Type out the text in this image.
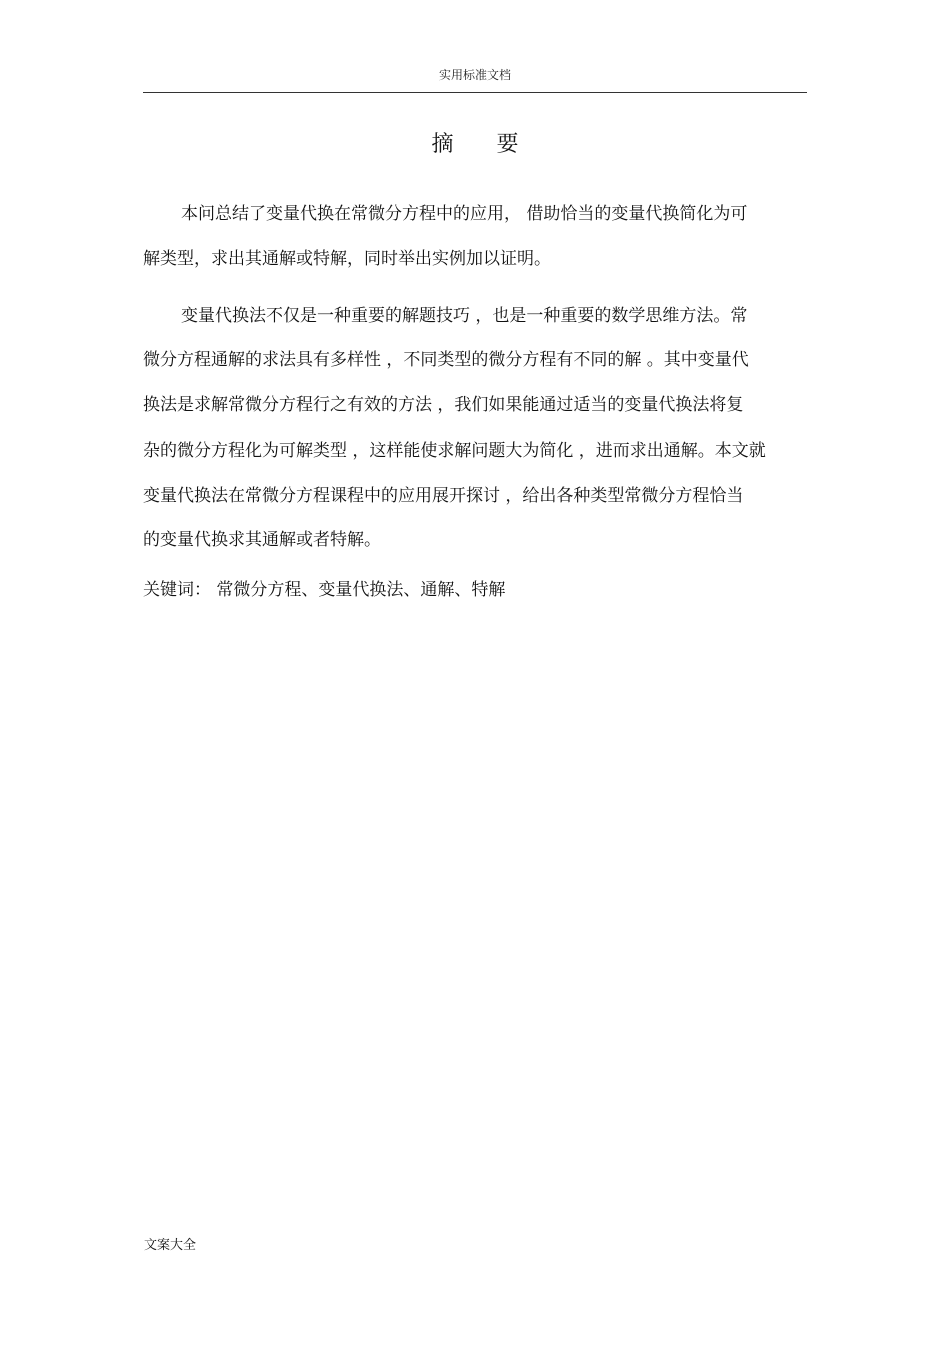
实用标准文档
摘 要
本问总结了变量代换在常微分方程中的应用， 借助恰当的变量代换简化为可
解类型，求出其通解或特解，同时举出实例加以证明。
变量代换法不仅是一种重要的解题技巧 ，也是一种重要的数学思维方法。常
微分方程通解的求法具有多样性 ，不同类型的微分方程有不同的解 。其中变量代
换法是求解常微分方程行之有效的方法 ，我们如果能通过适当的变量代换法将复
杂的微分方程化为可解类型 ，这样能使求解问题大为简化 ，进而求出通解。本文就
变量代换法在常微分方程课程中的应用展开探讨 ，给出各种类型常微分方程恰当
的变量代换求其通解或者特解。
关键词： 常微分方程、变量代换法、通解、特解
文案大全
